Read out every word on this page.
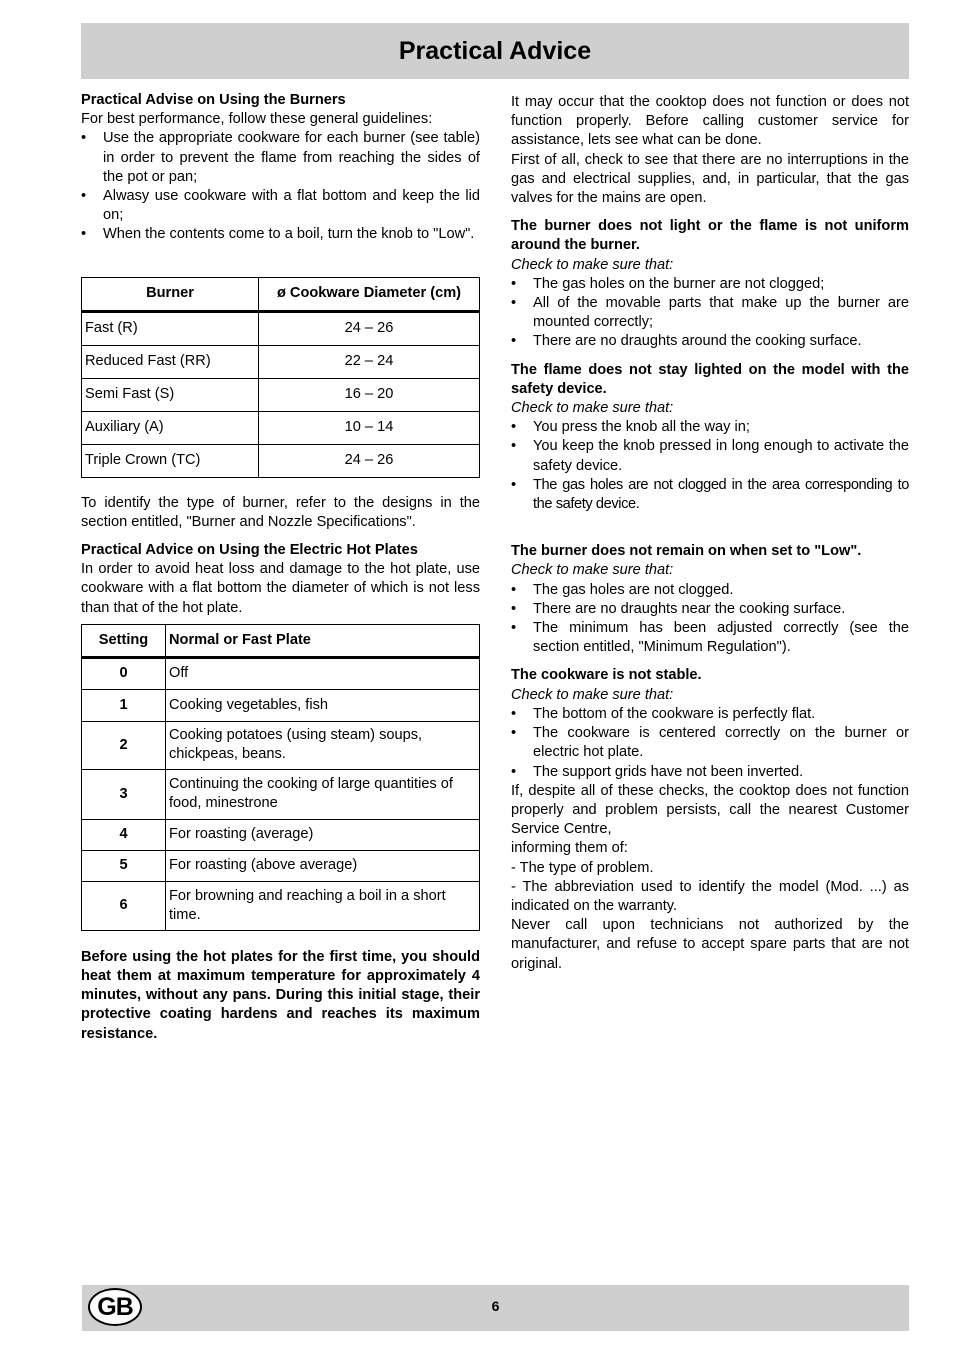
Practical Advice

Practical Advise on Using the Burners

For best performance, follow these general guidelines:

• Use the appropriate cookware for each burner (see table) in order to prevent the flame from reaching the sides of the pot or pan;
• Alwasy use cookware with a flat bottom and keep the lid on;
• When the contents come to a boil, turn the knob to "Low".
Burner	ø Cookware Diameter (cm)
Fast (R)	24 – 26
Reduced Fast (RR)	22 – 24
Semi Fast (S)	16 – 20
Auxiliary (A)	10 – 14
Triple Crown (TC)	24 – 26

To identify the type of burner, refer to the designs in the section entitled, "Burner and Nozzle Specifications".

Practical Advice on Using the Electric Hot Plates

In order to avoid heat loss and damage to the hot plate, use cookware with a flat bottom the diameter of which is not less than that of the hot plate.

Setting	Normal or Fast Plate
0	Off
1	Cooking vegetables, fish
2	Cooking potatoes (using steam) soups, chickpeas, beans.
3	Continuing the cooking of large quantities of food, minestrone
4	For roasting (average)
5	For roasting (above average)
6	For browning and reaching a boil in a short time.

Before using the hot plates for the first time, you should heat them at maximum temperature for approximately 4 minutes, without any pans. During this initial stage, their protective coating hardens and reaches its maximum resistance.

It may occur that the cooktop does not function or does not function properly. Before calling customer service for assistance, lets see what can be done.

First of all, check to see that there are no interruptions in the gas and electrical supplies, and, in particular, that the gas valves for the mains are open.

The burner does not light or the flame is not uniform around the burner.

Check to make sure that:

• The gas holes on the burner are not clogged;
• All of the movable parts that make up the burner are mounted correctly;
• There are no draughts around the cooking surface.

The flame does not stay lighted on the model with the safety device.

Check to make sure that:

• You press the knob all the way in;
• You keep the knob pressed in long enough to activate the safety device.
• The gas holes are not clogged in the area corresponding to the safety device.

The burner does not remain on when set to "Low".

Check to make sure that:

• The gas holes are not clogged.
• There are no draughts near the cooking surface.
• The minimum has been adjusted correctly (see the section entitled, "Minimum Regulation").

The cookware is not stable.

Check to make sure that:

• The bottom of the cookware is perfectly flat.
• The cookware is centered correctly on the burner or electric hot plate.
• The support grids have not been inverted.

If, despite all of these checks, the cooktop does not function properly and problem persists, call the nearest Customer Service Centre,

informing them of:

- The type of problem.

- The abbreviation used to identify the model (Mod. ...) as indicated on the warranty.

Never call upon technicians not authorized by the manufacturer, and refuse to accept spare parts that are not original.

GB	6
